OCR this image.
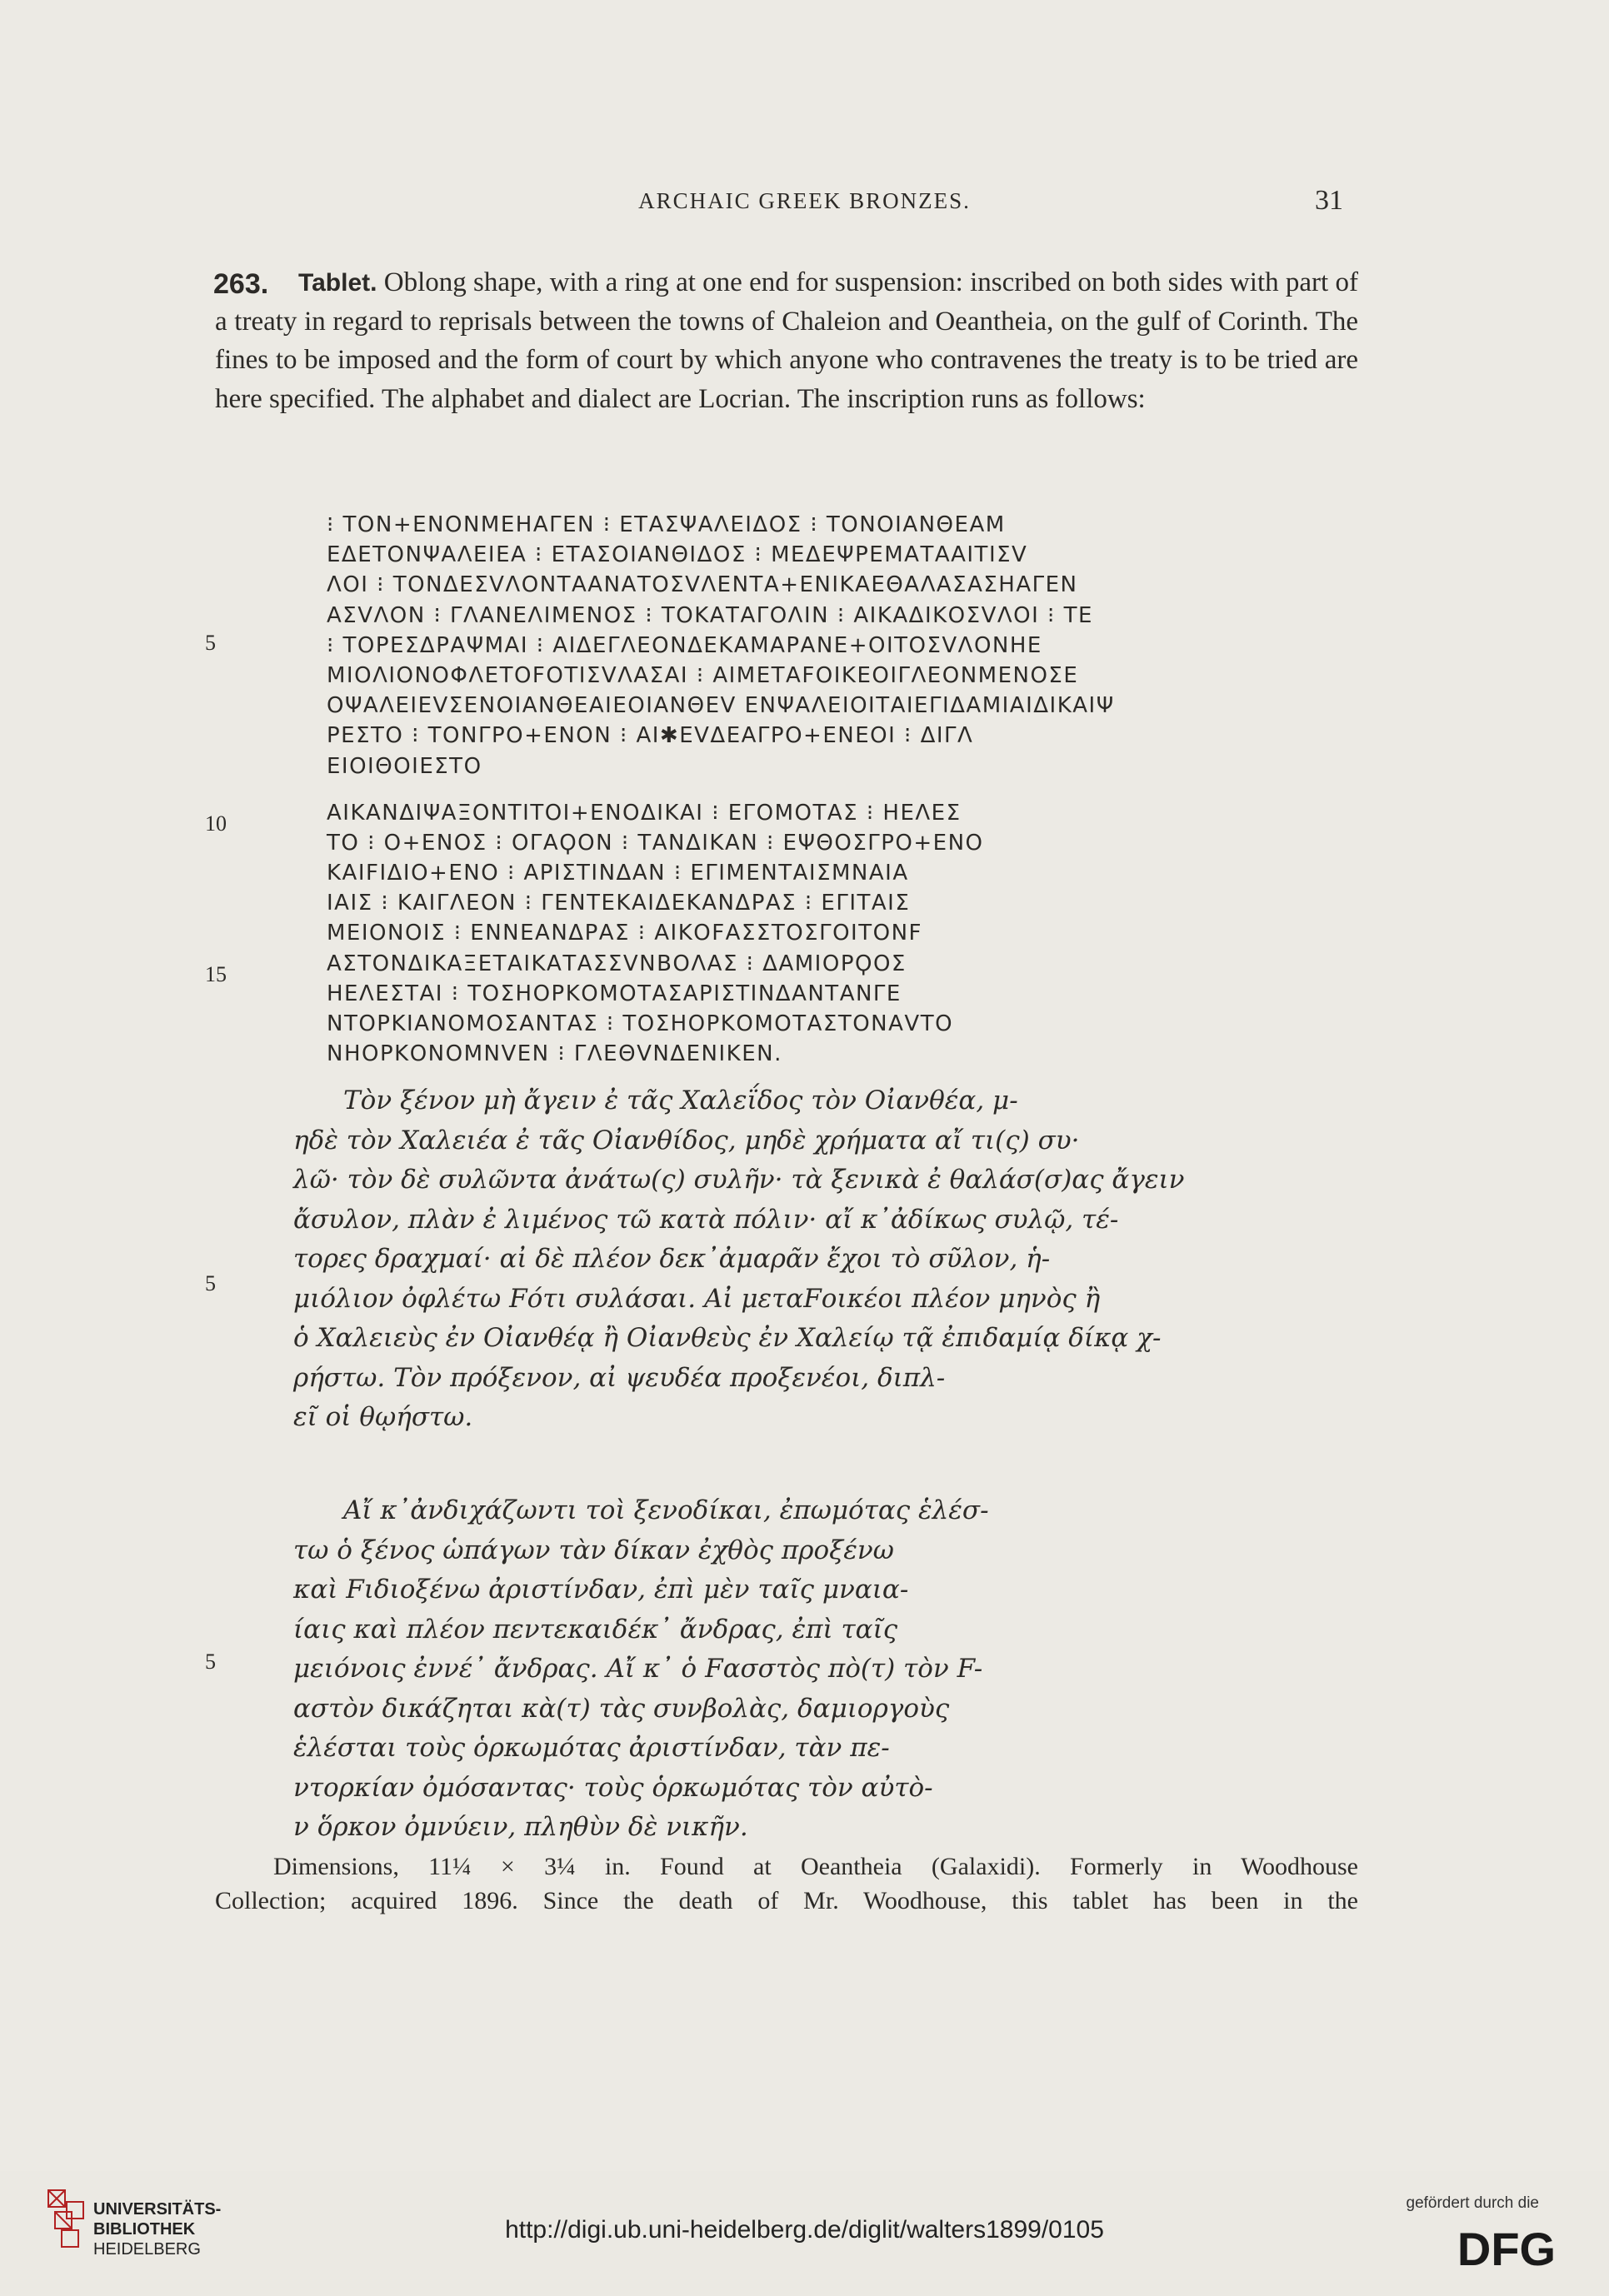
ARCHAIC GREEK BRONZES.	31
263.	Tablet. Oblong shape, with a ring at one end for suspension: inscribed on both sides with part of a treaty in regard to reprisals between the towns of Chaleion and Oeantheia, on the gulf of Corinth. The fines to be imposed and the form of court by which anyone who contravenes the treaty is to be tried are here specified. The alphabet and dialect are Locrian. The inscription runs as follows:
⁝ ΤΟΝ+ΕΝΟΝΜΕΗΑΓΕΝ ⁝ ΕΤΑΣΨΑΛΕΙΔΟΣ ⁝ ΤΟΝΟΙΑΝΘΕΑΜ
ΕΔΕΤΟΝΨΑΛΕΙΕΑ ⁝ ΕΤΑΣΟΙΑΝΘΙΔΟΣ ⁝ ΜΕΔΕΨΡΕΜΑΤΑΑΙΤΙΣV
ΛΟΙ ⁝ ΤΟΝΔΕΣVΛΟΝΤΑΑΝΑΤΟΣVΛΕΝΤΑ+ΕΝΙΚΑΕΘΑΛΑΣΑΣΗΑΓΕΝ
ΑΣVΛΟΝ ⁝ ΓΛΑΝΕΛΙΜΕΝΟΣ ⁝ ΤΟΚΑΤΑΓΟΛΙΝ ⁝ ΑΙΚΑΔΙΚΟΣVΛΟΙ ⁝ ΤΕ
⁝ ΤΟΡΕΣΔΡΑΨΜΑΙ ⁝ ΑΙΔΕΓΛΕΟΝΔΕΚΑΜΑΡΑΝΕ+ΟΙΤΟΣVΛΟΝΗΕ
ΜΙΟΛΙΟΝΟΦΛΕΤΟFΟΤΙΣVΛΑΣΑΙ ⁝ ΑΙΜΕΤΑFΟΙΚΕΟΙΓΛΕΟΝΜΕΝΟΣΕ
ΟΨΑΛΕΙΕVΣΕΝΟΙΑΝΘΕΑΙΕΟΙΑΝΘΕV ΕΝΨΑΛΕΙΟΙΤΑΙΕΓΙΔΑΜΙΑΙΔΙΚΑΙΨ
ΡΕΣΤΟ ⁝ ΤΟΝΓΡΟ+ΕΝΟΝ ⁝ ΑΙ✱ΕVΔΕΑΓΡΟ+ΕΝΕΟΙ ⁝ ΔΙΓΛ
ΕΙΟΙΘΟΙΕΣΤΟ
ΑΙΚΑΝΔΙΨΑΞΟΝΤΙΤΟΙ+ΕΝΟΔΙΚΑΙ ⁝ ΕΓΟΜΟΤΑΣ ⁝ ΗΕΛΕΣ
ΤΟ ⁝ Ο+ΕΝΟΣ ⁝ ΟΓΑϘΟΝ ⁝ ΤΑΝΔΙΚΑΝ ⁝ ΕΨΘΟΣΓΡΟ+ΕΝΟ
ΚΑΙFΙΔΙΟ+ΕΝΟ ⁝ ΑΡΙΣΤΙΝΔΑΝ ⁝ ΕΓΙΜΕΝΤΑΙΣΜΝΑΙΑ
ΙΑΙΣ ⁝ ΚΑΙΓΛΕΟΝ ⁝ ΓΕΝΤΕΚΑΙΔΕΚΑΝΔΡΑΣ ⁝ ΕΓΙΤΑΙΣ
ΜΕΙΟΝΟΙΣ ⁝ ΕΝΝΕΑΝΔΡΑΣ ⁝ ΑΙΚΟFΑΣΣΤΟΣΓΟΙΤΟΝF
ΑΣΤΟΝΔΙΚΑΞΕΤΑΙΚΑΤΑΣΣVΝΒΟΛΑΣ ⁝ ΔΑΜΙΟΡϘΟΣ
ΗΕΛΕΣΤΑΙ ⁝ ΤΟΣΗΟΡΚΟΜΟΤΑΣΑΡΙΣΤΙΝΔΑΝΤΑΝΓΕ
ΝΤΟΡΚΙΑΝΟΜΟΣΑΝΤΑΣ ⁝ ΤΟΣΗΟΡΚΟΜΟΤΑΣΤΟΝΑVΤΟ
ΝΗΟΡΚΟΝΟΜΝVΕΝ ⁝ ΓΛΕΘVΝΔΕΝΙΚΕΝ.
5
10
15
Τὸν ξένον μὴ ἄγειν ἐ τᾶς Χαλεΐδος τὸν Οἰανθέα, μ-
ηδὲ τὸν Χαλειέα ἐ τᾶς Οἰανθίδος, μηδὲ χρήματα αἴ τι(ς) συ·
λῶ· τὸν δὲ συλῶντα ἀνάτω(ς) συλῆν· τὰ ξενικὰ ἐ θαλάσ(σ)ας ἄγειν
ἄσυλον, πλὰν ἐ λιμένος τῶ κατὰ πόλιν· αἴ κ᾽ἀδίκως συλῷ, τέ-
τορες δραχμαί· αἰ δὲ πλέον δεκ᾽ἀμαρᾶν ἔχοι τὸ σῦλον, ἡ-
μιόλιον ὀφλέτω Fότι συλάσαι. Αἰ μεταFοικέοι πλέον μηνὸς ἢ
ὁ Χαλειεὺς ἐν Οἰανθέᾳ ἢ Οἰανθεὺς ἐν Χαλείῳ τᾷ ἐπιδαμίᾳ δίκᾳ χ-
ρήστω. Τὸν πρόξενον, αἰ ψευδέα προξενέοι, διπλ-
εῖ οἱ θῳήστω.
Αἴ κ᾽ἀνδιχάζωντι τοὶ ξενοδίκαι, ἐπωμότας ἑλέσ-
τω ὁ ξένος ὡπάγων τὰν δίκαν ἐχθὸς προξένω
καὶ Fιδιοξένω ἀριστίνδαν, ἐπὶ μὲν ταῖς μναια-
ίαις καὶ πλέον πεντεκαιδέκ᾽ ἄνδρας, ἐπὶ ταῖς
μειόνοις ἐννέ᾽ ἄνδρας. Αἴ κ᾽ ὁ Fασστὸς πὸ(τ) τὸν F-
αστὸν δικάζηται κὰ(τ) τὰς συνβολὰς, δαμιοργοὺς
ἑλέσται τοὺς ὁρκωμότας ἀριστίνδαν, τὰν πε-
ντορκίαν ὀμόσαντας· τοὺς ὁρκωμότας τὸν αὐτὸ-
ν ὅρκον ὀμνύειν, πληθὺν δὲ νικῆν.
5
5
Dimensions, 11¼ × 3¼ in. Found at Oeantheia (Galaxidi). Formerly in Woodhouse
Collection; acquired 1896. Since the death of Mr. Woodhouse, this tablet has been in the
UNIVERSITÄTS-
BIBLIOTHEK
HEIDELBERG
http://digi.ub.uni-heidelberg.de/diglit/walters1899/0105
gefördert durch die
DFG
